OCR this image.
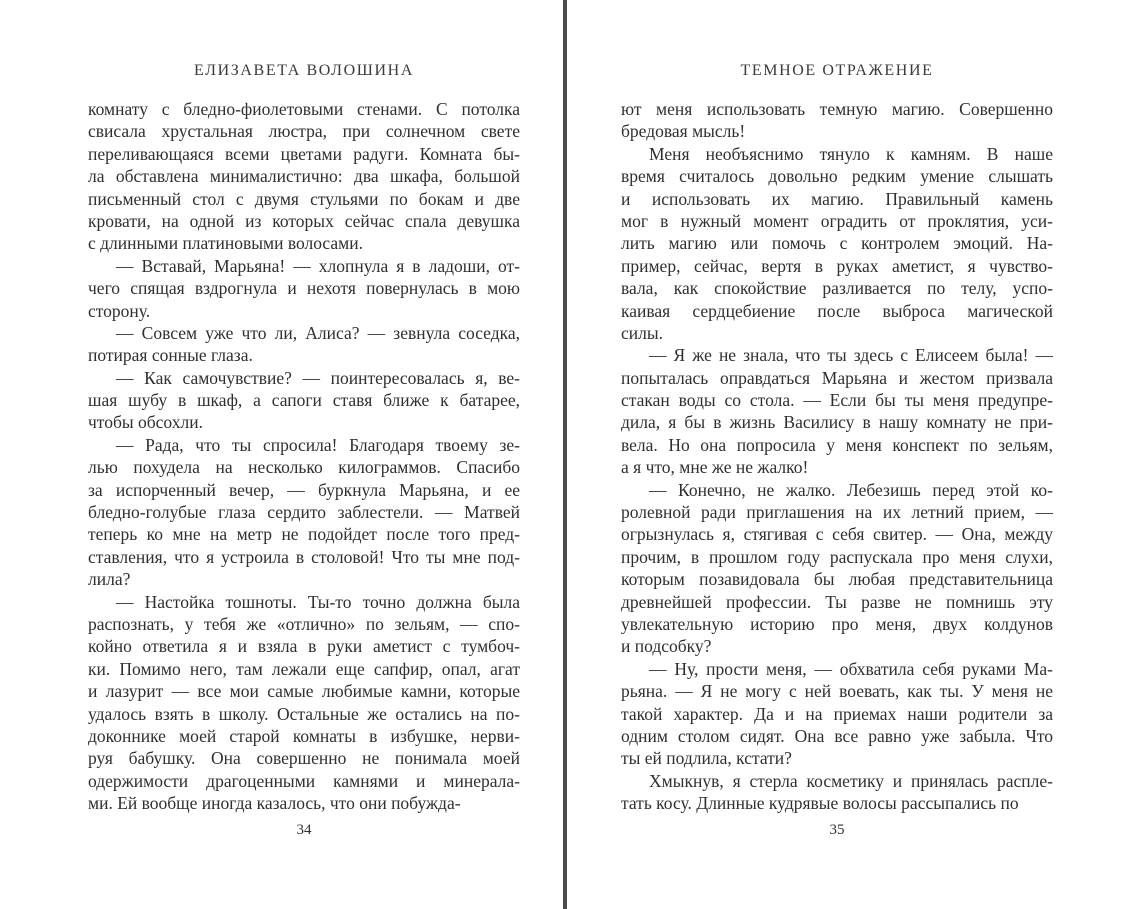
ЕЛИЗАВЕТА ВОЛОШИНА
комнату с бледно-фиолетовыми стенами. С потолка
свисала хрустальная люстра, при солнечном свете
переливающаяся всеми цветами радуги. Комната бы-
ла обставлена минималистично: два шкафа, большой
письменный стол с двумя стульями по бокам и две
кровати, на одной из которых сейчас спала девушка
с длинными платиновыми волосами.
— Вставай, Марьяна! — хлопнула я в ладоши, от-
чего спящая вздрогнула и нехотя повернулась в мою
сторону.
— Совсем уже что ли, Алиса? — зевнула соседка,
потирая сонные глаза.
— Как самочувствие? — поинтересовалась я, ве-
шая шубу в шкаф, а сапоги ставя ближе к батарее,
чтобы обсохли.
— Рада, что ты спросила! Благодаря твоему зе-
лью похудела на несколько килограммов. Спасибо
за испорченный вечер, — буркнула Марьяна, и ее
бледно-голубые глаза сердито заблестели. — Матвей
теперь ко мне на метр не подойдет после того пред-
ставления, что я устроила в столовой! Что ты мне под-
лила?
— Настойка тошноты. Ты-то точно должна была
распознать, у тебя же «отлично» по зельям, — спо-
койно ответила я и взяла в руки аметист с тумбоч-
ки. Помимо него, там лежали еще сапфир, опал, агат
и лазурит — все мои самые любимые камни, которые
удалось взять в школу. Остальные же остались на по-
доконнике моей старой комнаты в избушке, нерви-
руя бабушку. Она совершенно не понимала моей
одержимости драгоценными камнями и минерала-
ми. Ей вообще иногда казалось, что они побужда-
34
ТЕМНОЕ ОТРАЖЕНИЕ
ют меня использовать темную магию. Совершенно
бредовая мысль!
Меня необъяснимо тянуло к камням. В наше
время считалось довольно редким умение слышать
и использовать их магию. Правильный камень
мог в нужный момент оградить от проклятия, уси-
лить магию или помочь с контролем эмоций. На-
пример, сейчас, вертя в руках аметист, я чувство-
вала, как спокойствие разливается по телу, успо-
каивая сердцебиение после выброса магической
силы.
— Я же не знала, что ты здесь с Елисеем была! —
попыталась оправдаться Марьяна и жестом призвала
стакан воды со стола. — Если бы ты меня предупре-
дила, я бы в жизнь Василису в нашу комнату не при-
вела. Но она попросила у меня конспект по зельям,
а я что, мне же не жалко!
— Конечно, не жалко. Лебезишь перед этой ко-
ролевной ради приглашения на их летний прием, —
огрызнулась я, стягивая с себя свитер. — Она, между
прочим, в прошлом году распускала про меня слухи,
которым позавидовала бы любая представительница
древнейшей профессии. Ты разве не помнишь эту
увлекательную историю про меня, двух колдунов
и подсобку?
— Ну, прости меня, — обхватила себя руками Ма-
рьяна. — Я не могу с ней воевать, как ты. У меня не
такой характер. Да и на приемах наши родители за
одним столом сидят. Она все равно уже забыла. Что
ты ей подлила, кстати?
Хмыкнув, я стерла косметику и принялась распле-
тать косу. Длинные кудрявые волосы рассыпались по
35
